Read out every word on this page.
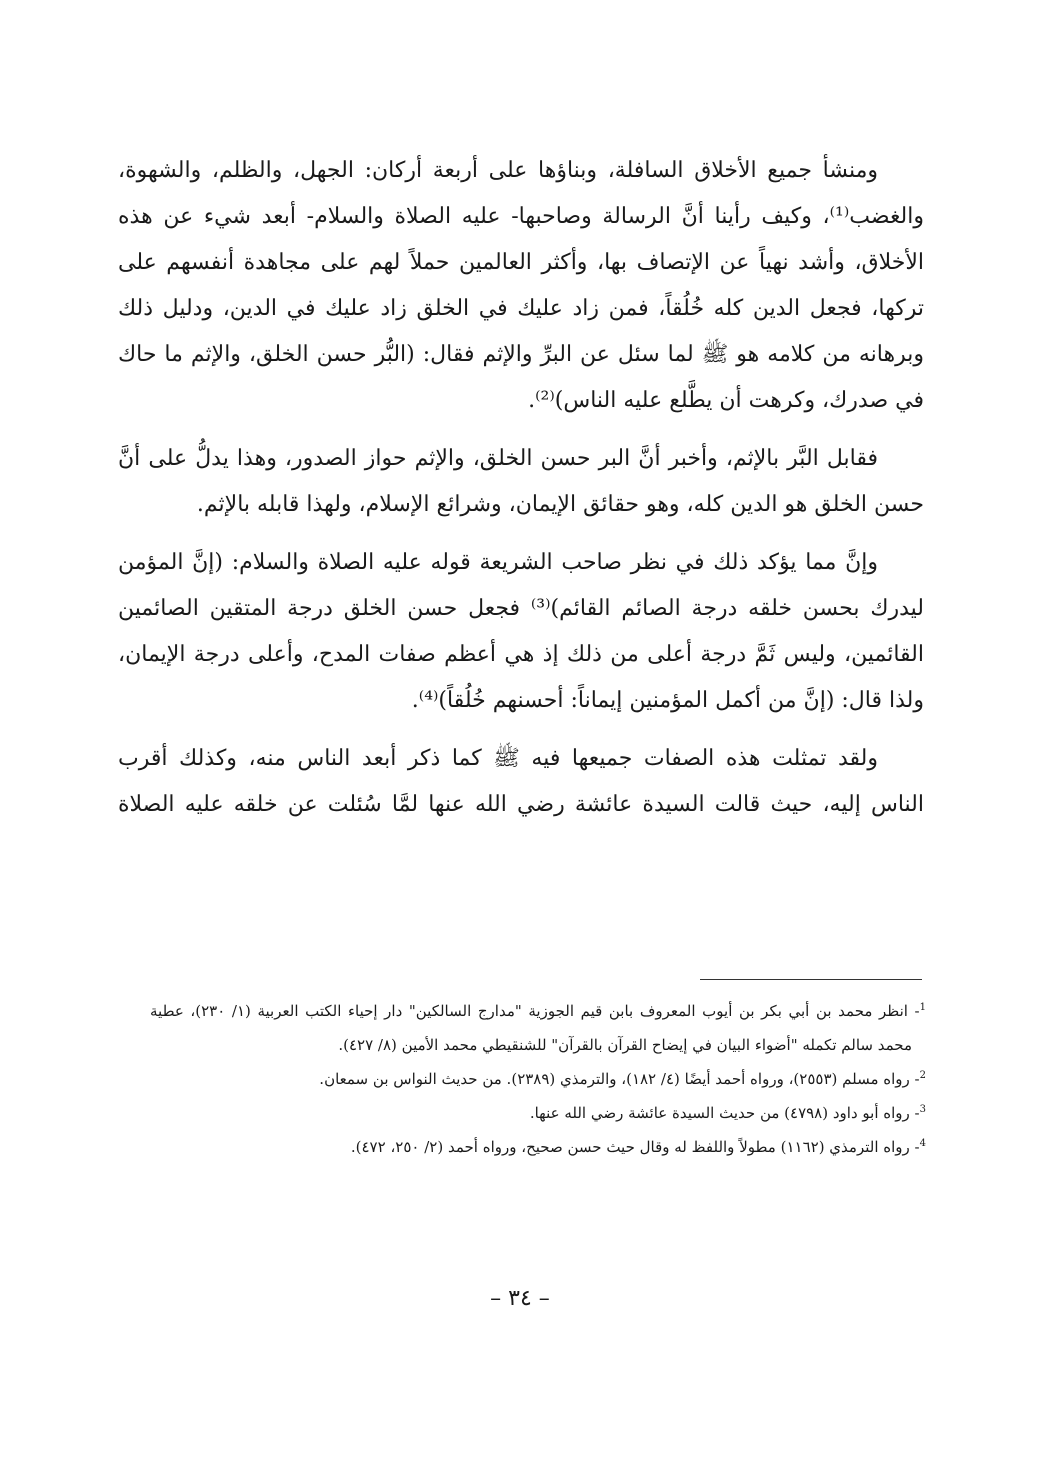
ومنشأ جميع الأخلاق السافلة، وبناؤها على أربعة أركان: الجهل، والظلم، والشهوة، والغضب⁽¹⁾، وكيف رأينا أنَّ الرسالة وصاحبها- عليه الصلاة والسلام- أبعد شيء عن هذه الأخلاق، وأشد نهياً عن الإتصاف بها، وأكثر العالمين حملاً لهم على مجاهدة أنفسهم على تركها، فجعل الدين كله خُلُقاً، فمن زاد عليك في الخلق زاد عليك في الدين، ودليل ذلك وبرهانه من كلامه هو ﷺ لما سئل عن البرِّ والإثم فقال: (البُّر حسن الخلق، والإثم ما حاك في صدرك، وكرهت أن يطَّلع عليه الناس)⁽²⁾.

فقابل البَّر بالإثم، وأخبر أنَّ البر حسن الخلق، والإثم حواز الصدور، وهذا يدلُّ على أنَّ حسن الخلق هو الدين كله، وهو حقائق الإيمان، وشرائع الإسلام، ولهذا قابله بالإثم.

وإنَّ مما يؤكد ذلك في نظر صاحب الشريعة قوله عليه الصلاة والسلام: (إنَّ المؤمن ليدرك بحسن خلقه درجة الصائم القائم)⁽³⁾ فجعل حسن الخلق درجة المتقين الصائمين القائمين، وليس ثَمَّ درجة أعلى من ذلك إذ هي أعظم صفات المدح، وأعلى درجة الإيمان، ولذا قال: (إنَّ من أكمل المؤمنين إيماناً: أحسنهم خُلُقاً)⁽⁴⁾.

ولقد تمثلت هذه الصفات جميعها فيه ﷺ كما ذكر أبعد الناس منه، وكذلك أقرب الناس إليه، حيث قالت السيدة عائشة رضي الله عنها لمَّا سُئلت عن خلقه عليه الصلاة

$^1$- انظر محمد بن أبي بكر بن أيوب المعروف بابن قيم الجوزية "مدارج السالكين" دار إحياء الكتب العربية (١/ ٢٣٠)، عطية محمد سالم تكمله "أضواء البيان في إيضاح القرآن بالقرآن" للشنقيطي محمد الأمين (٨/ ٤٢٧).

$^2$- رواه مسلم (٢٥٥٣)، ورواه أحمد أيضًا (٤/ ١٨٢)، والترمذي (٢٣٨٩). من حديث النواس بن سمعان.

$^3$- رواه أبو داود (٤٧٩٨) من حديث السيدة عائشة رضي الله عنها.

$^4$- رواه الترمذي (١١٦٢) مطولاً واللفظ له وقال حيث حسن صحيح، ورواه أحمد (٢/ ٢٥٠، ٤٧٢).

– ٣٤ –
